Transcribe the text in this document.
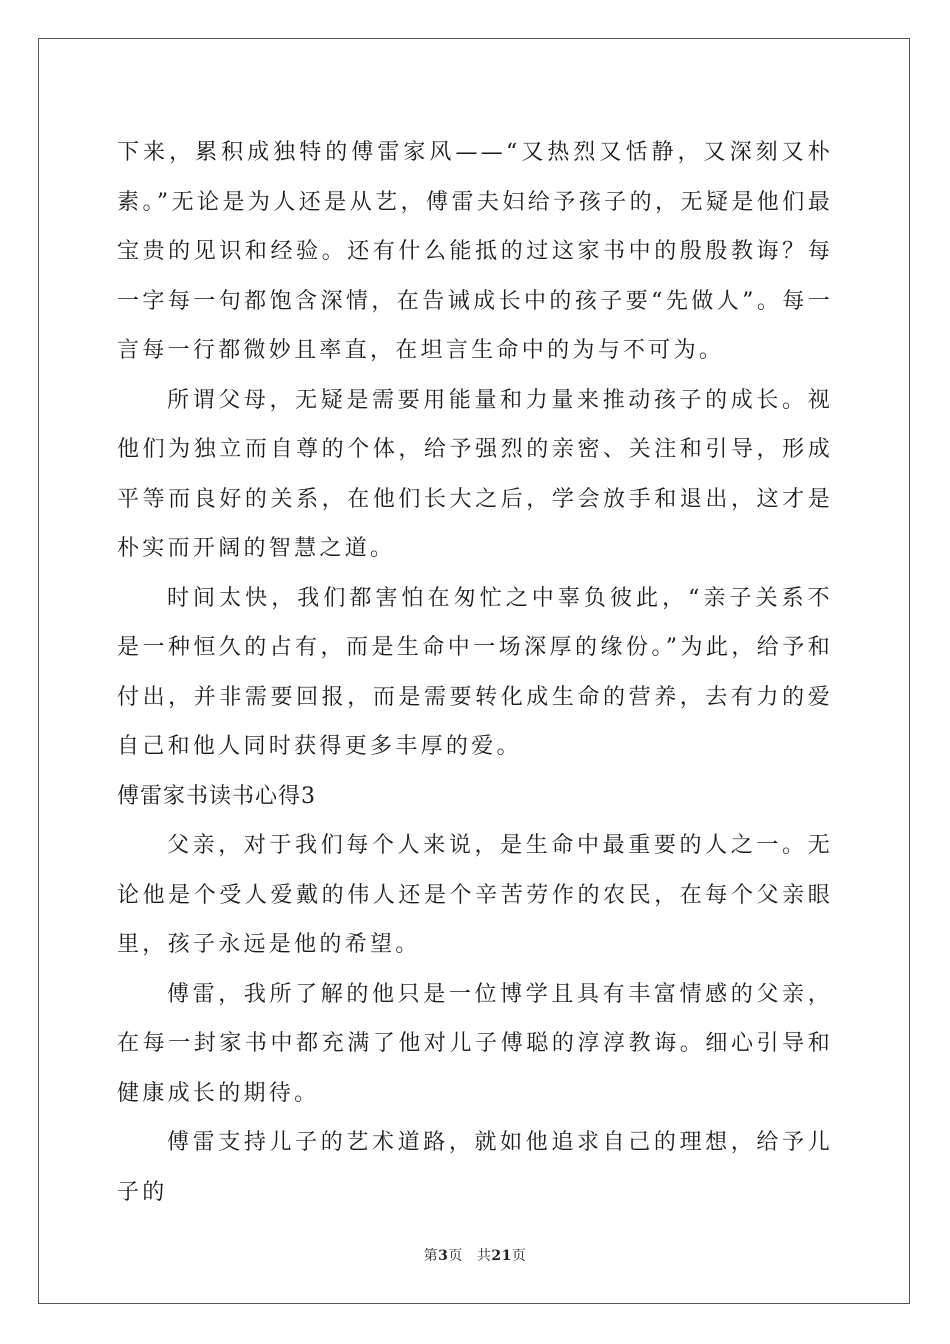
下来，累积成独特的傅雷家风——“又热烈又恬静，又深刻又朴素。”无论是为人还是从艺，傅雷夫妇给予孩子的，无疑是他们最宝贵的见识和经验。还有什么能抵的过这家书中的殷殷教诲？每一字每一句都饱含深情，在告诫成长中的孩子要“先做人”。每一言每一行都微妙且率直，在坦言生命中的为与不可为。

所谓父母，无疑是需要用能量和力量来推动孩子的成长。视他们为独立而自尊的个体，给予强烈的亲密、关注和引导，形成平等而良好的关系，在他们长大之后，学会放手和退出，这才是朴实而开阔的智慧之道。

时间太快，我们都害怕在匆忙之中辜负彼此，“亲子关系不是一种恒久的占有，而是生命中一场深厚的缘份。”为此，给予和付出，并非需要回报，而是需要转化成生命的营养，去有力的爱自己和他人同时获得更多丰厚的爱。

傅雷家书读书心得3

父亲，对于我们每个人来说，是生命中最重要的人之一。无论他是个受人爱戴的伟人还是个辛苦劳作的农民，在每个父亲眼里，孩子永远是他的希望。

傅雷，我所了解的他只是一位博学且具有丰富情感的父亲，在每一封家书中都充满了他对儿子傅聪的淳淳教诲。细心引导和健康成长的期待。

傅雷支持儿子的艺术道路，就如他追求自己的理想，给予儿子的

第3页 共21页
